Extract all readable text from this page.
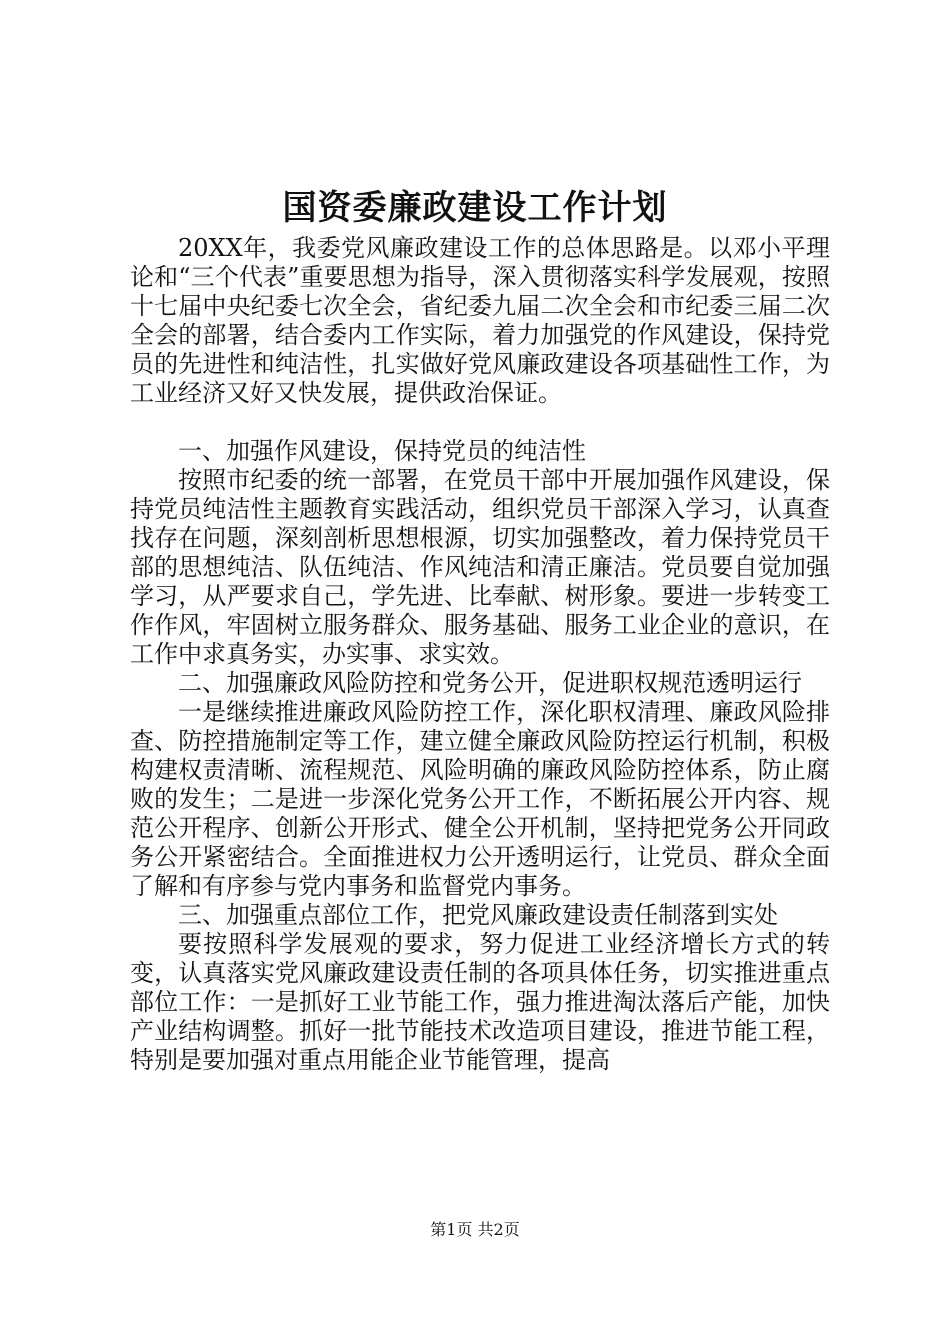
国资委廉政建设工作计划

20XX年，我委党风廉政建设工作的总体思路是。以邓小平理论和“三个代表”重要思想为指导，深入贯彻落实科学发展观，按照十七届中央纪委七次全会，省纪委九届二次全会和市纪委三届二次全会的部署，结合委内工作实际，着力加强党的作风建设，保持党员的先进性和纯洁性，扎实做好党风廉政建设各项基础性工作，为工业经济又好又快发展，提供政治保证。

一、加强作风建设，保持党员的纯洁性

按照市纪委的统一部署，在党员干部中开展加强作风建设，保持党员纯洁性主题教育实践活动，组织党员干部深入学习，认真查找存在问题，深刻剖析思想根源，切实加强整改，着力保持党员干部的思想纯洁、队伍纯洁、作风纯洁和清正廉洁。党员要自觉加强学习，从严要求自己，学先进、比奉献、树形象。要进一步转变工作作风，牢固树立服务群众、服务基础、服务工业企业的意识，在工作中求真务实，办实事、求实效。

二、加强廉政风险防控和党务公开，促进职权规范透明运行

一是继续推进廉政风险防控工作，深化职权清理、廉政风险排查、防控措施制定等工作，建立健全廉政风险防控运行机制，积极构建权责清晰、流程规范、风险明确的廉政风险防控体系，防止腐败的发生；二是进一步深化党务公开工作，不断拓展公开内容、规范公开程序、创新公开形式、健全公开机制，坚持把党务公开同政务公开紧密结合。全面推进权力公开透明运行，让党员、群众全面了解和有序参与党内事务和监督党内事务。

三、加强重点部位工作，把党风廉政建设责任制落到实处

要按照科学发展观的要求，努力促进工业经济增长方式的转变，认真落实党风廉政建设责任制的各项具体任务，切实推进重点部位工作：一是抓好工业节能工作，强力推进淘汰落后产能，加快产业结构调整。抓好一批节能技术改造项目建设，推进节能工程，特别是要加强对重点用能企业节能管理，提高

第1页 共2页
